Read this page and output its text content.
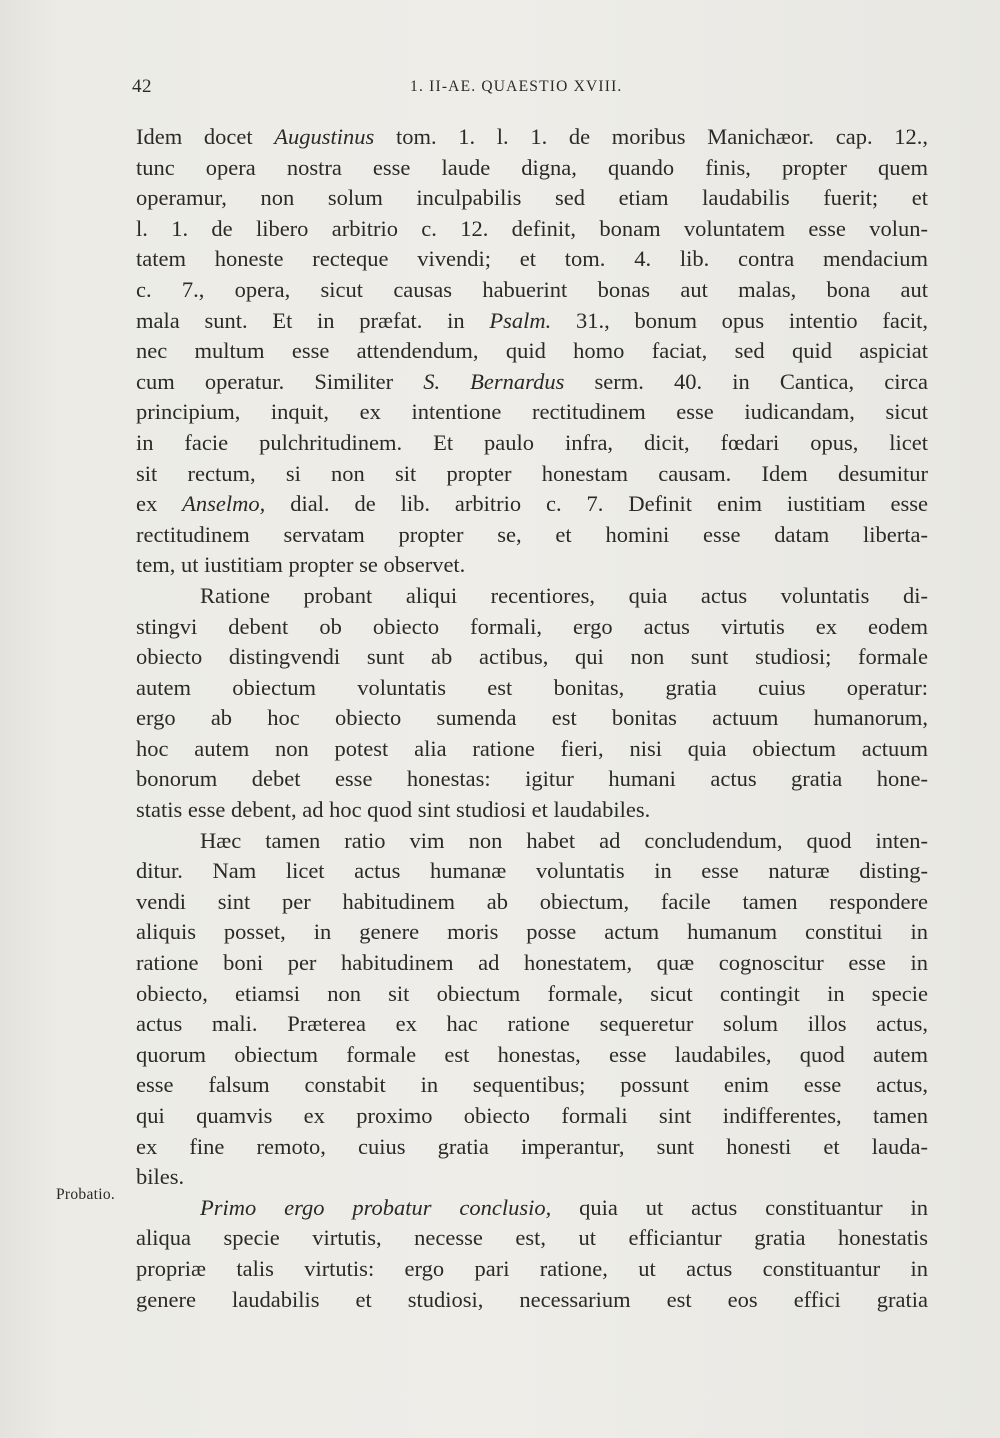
42	1. II-AE. QUAESTIO XVIII.
Probatio.
Idem docet Augustinus tom. 1. l. 1. de moribus Manichæor. cap. 12.,
tunc opera nostra esse laude digna, quando finis, propter quem
operamur, non solum inculpabilis sed etiam laudabilis fuerit; et
l. 1. de libero arbitrio c. 12. definit, bonam voluntatem esse volun-
tatem honeste recteque vivendi; et tom. 4. lib. contra mendacium
c. 7., opera, sicut causas habuerint bonas aut malas, bona aut
mala sunt. Et in præfat. in Psalm. 31., bonum opus intentio facit,
nec multum esse attendendum, quid homo faciat, sed quid aspiciat
cum operatur. Similiter S. Bernardus serm. 40. in Cantica, circa
principium, inquit, ex intentione rectitudinem esse iudicandam, sicut
in facie pulchritudinem. Et paulo infra, dicit, fœdari opus, licet
sit rectum, si non sit propter honestam causam. Idem desumitur
ex Anselmo, dial. de lib. arbitrio c. 7. Definit enim iustitiam esse
rectitudinem servatam propter se, et homini esse datam liberta-
tem, ut iustitiam propter se observet.
Ratione probant aliqui recentiores, quia actus voluntatis di-
stingvi debent ob obiecto formali, ergo actus virtutis ex eodem
obiecto distingvendi sunt ab actibus, qui non sunt studiosi; formale
autem obiectum voluntatis est bonitas, gratia cuius operatur:
ergo ab hoc obiecto sumenda est bonitas actuum humanorum,
hoc autem non potest alia ratione fieri, nisi quia obiectum actuum
bonorum debet esse honestas: igitur humani actus gratia hone-
statis esse debent, ad hoc quod sint studiosi et laudabiles.
Hæc tamen ratio vim non habet ad concludendum, quod inten-
ditur. Nam licet actus humanæ voluntatis in esse naturæ disting-
vendi sint per habitudinem ab obiectum, facile tamen respondere
aliquis posset, in genere moris posse actum humanum constitui in
ratione boni per habitudinem ad honestatem, quæ cognoscitur esse in
obiecto, etiamsi non sit obiectum formale, sicut contingit in specie
actus mali. Præterea ex hac ratione sequeretur solum illos actus,
quorum obiectum formale est honestas, esse laudabiles, quod autem
esse falsum constabit in sequentibus; possunt enim esse actus,
qui quamvis ex proximo obiecto formali sint indifferentes, tamen
ex fine remoto, cuius gratia imperantur, sunt honesti et lauda-
biles.
Primo ergo probatur conclusio, quia ut actus constituantur in
aliqua specie virtutis, necesse est, ut efficiantur gratia honestatis
propriæ talis virtutis: ergo pari ratione, ut actus constituantur in
genere laudabilis et studiosi, necessarium est eos effici gratia
